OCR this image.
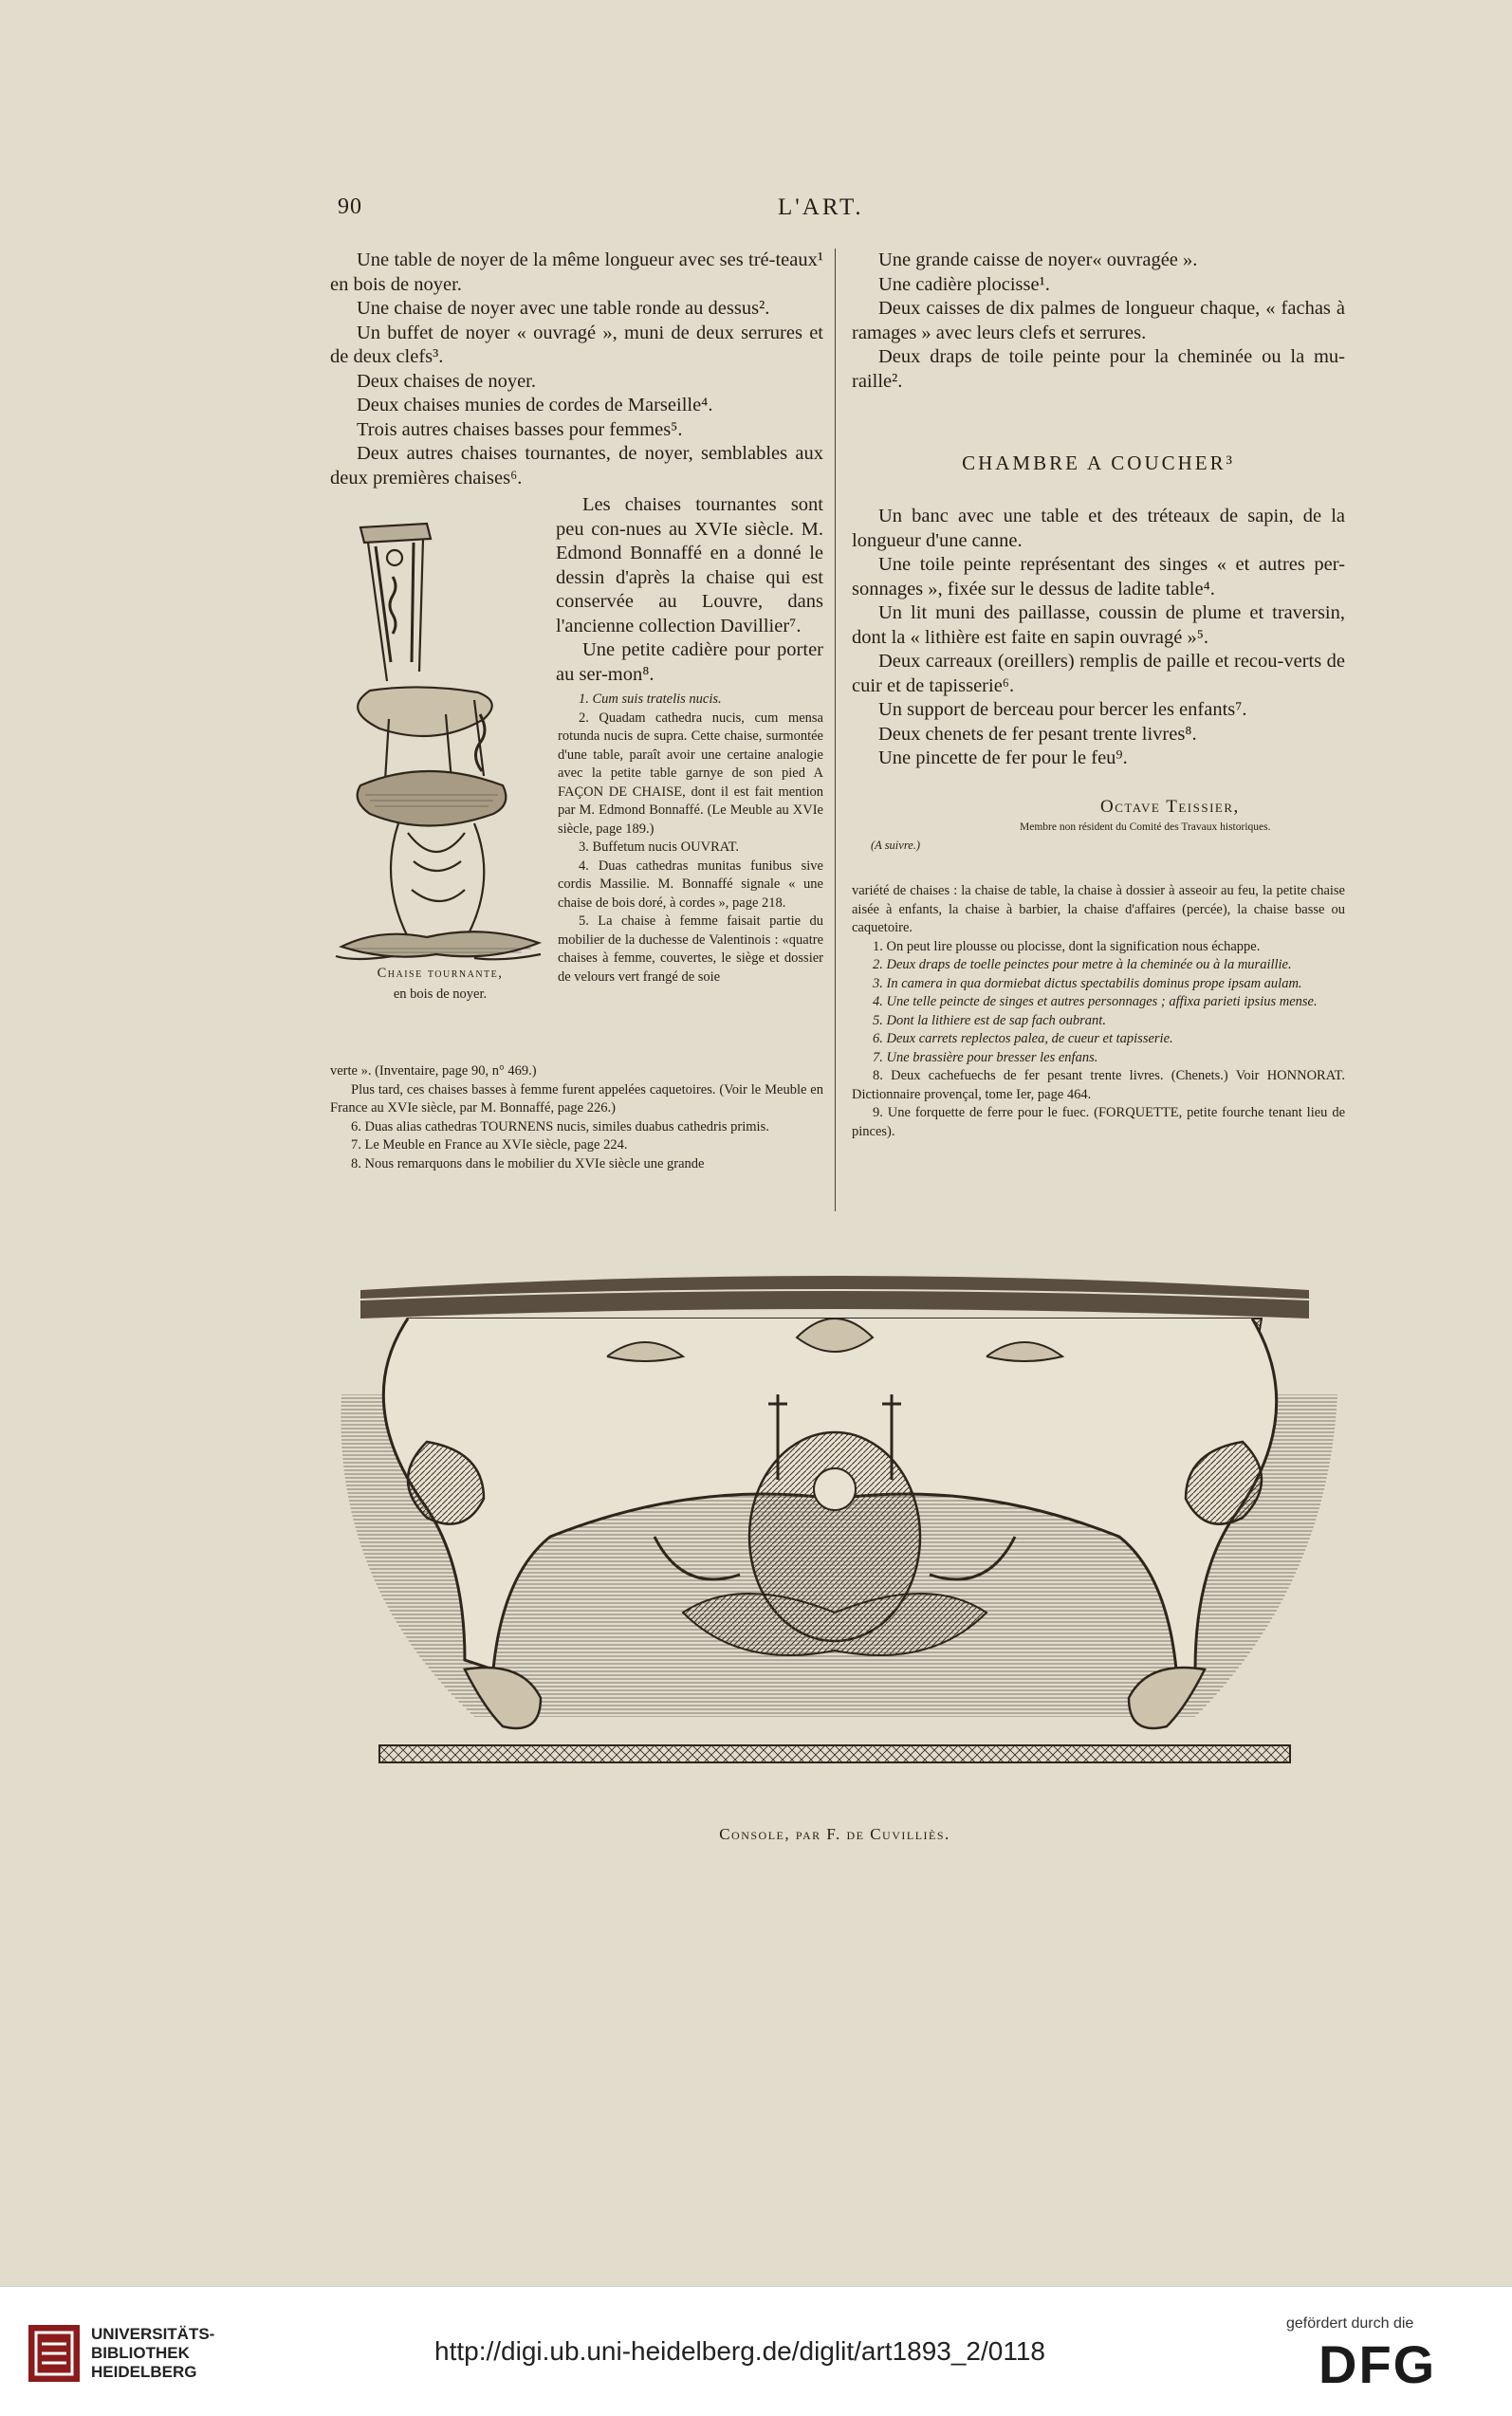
90	L'ART.

Une table de noyer de la même longueur avec ses tré-teaux¹ en bois de noyer.

Une chaise de noyer avec une table ronde au dessus².

Un buffet de noyer « ouvragé », muni de deux serrures et de deux clefs³.

Deux chaises de noyer.

Deux chaises munies de cordes de Marseille⁴.

Trois autres chaises basses pour femmes⁵.

Deux autres chaises tournantes, de noyer, semblables aux deux premières chaises⁶.

Les chaises tournantes sont peu con-nues au XVIe siècle. M. Edmond Bonnaffé en a donné le dessin d'après la chaise qui est conservée au Louvre, dans l'ancienne collection Davillier⁷.

Une petite cadière pour porter au ser-mon⁸.

Chaise tournante,
en bois de noyer.

1. Cum suis tratelis nucis.

2. Quadam cathedra nucis, cum mensa rotunda nucis de supra. Cette chaise, surmontée d'une table, paraît avoir une certaine analogie avec la petite table garnye de son pied A FAÇON DE CHAISE, dont il est fait mention par M. Edmond Bonnaffé. (Le Meuble au XVIe siècle, page 189.)

3. Buffetum nucis OUVRAT.

4. Duas cathedras munitas funibus sive cordis Massilie. M. Bonnaffé signale « une chaise de bois doré, à cordes », page 218.

5. La chaise à femme faisait partie du mobilier de la duchesse de Valentinois : «quatre chaises à femme, couvertes, le siège et dossier de velours vert frangé de soie

verte ». (Inventaire, page 90, n° 469.)

Plus tard, ces chaises basses à femme furent appelées caquetoires. (Voir le Meuble en France au XVIe siècle, par M. Bonnaffé, page 226.)

6. Duas alias cathedras TOURNENS nucis, similes duabus cathedris primis.

7. Le Meuble en France au XVIe siècle, page 224.

8. Nous remarquons dans le mobilier du XVIe siècle une grande

Une grande caisse de noyer« ouvragée ».

Une cadière plocisse¹.

Deux caisses de dix palmes de longueur chaque, « fachas à ramages » avec leurs clefs et serrures.

Deux draps de toile peinte pour la cheminée ou la mu-raille².

CHAMBRE A COUCHER³

Un banc avec une table et des tréteaux de sapin, de la longueur d'une canne.

Une toile peinte représentant des singes « et autres per-sonnages », fixée sur le dessus de ladite table⁴.

Un lit muni des paillasse, coussin de plume et traversin, dont la « lithière est faite en sapin ouvragé »⁵.

Deux carreaux (oreillers) remplis de paille et recou-verts de cuir et de tapisserie⁶.

Un support de berceau pour bercer les enfants⁷.

Deux chenets de fer pesant trente livres⁸.

Une pincette de fer pour le feu⁹.

Octave Teissier,
Membre non résident du Comité des Travaux historiques.
(A suivre.)

variété de chaises : la chaise de table, la chaise à dossier à asseoir au feu, la petite chaise aisée à enfants, la chaise à barbier, la chaise d'affaires (percée), la chaise basse ou caquetoire.

1. On peut lire plousse ou plocisse, dont la signification nous échappe.

2. Deux draps de toelle peinctes pour metre à la cheminée ou à la muraillie.

3. In camera in qua dormiebat dictus spectabilis dominus prope ipsam aulam.

4. Une telle peincte de singes et autres personnages ; affixa parieti ipsius mense.

5. Dont la lithiere est de sap fach oubrant.

6. Deux carrets replectos palea, de cueur et tapisserie.

7. Une brassière pour bresser les enfans.

8. Deux cachefuechs de fer pesant trente livres. (Chenets.) Voir HONNORAT. Dictionnaire provençal, tome Ier, page 464.

9. Une forquette de ferre pour le fuec. (FORQUETTE, petite fourche tenant lieu de pinces).

Console, par F. de Cuvilliès.
UNIVERSITÄTS-
BIBLIOTHEK
HEIDELBERG
http://digi.ub.uni-heidelberg.de/diglit/art1893_2/0118
gefördert durch die
DFG
